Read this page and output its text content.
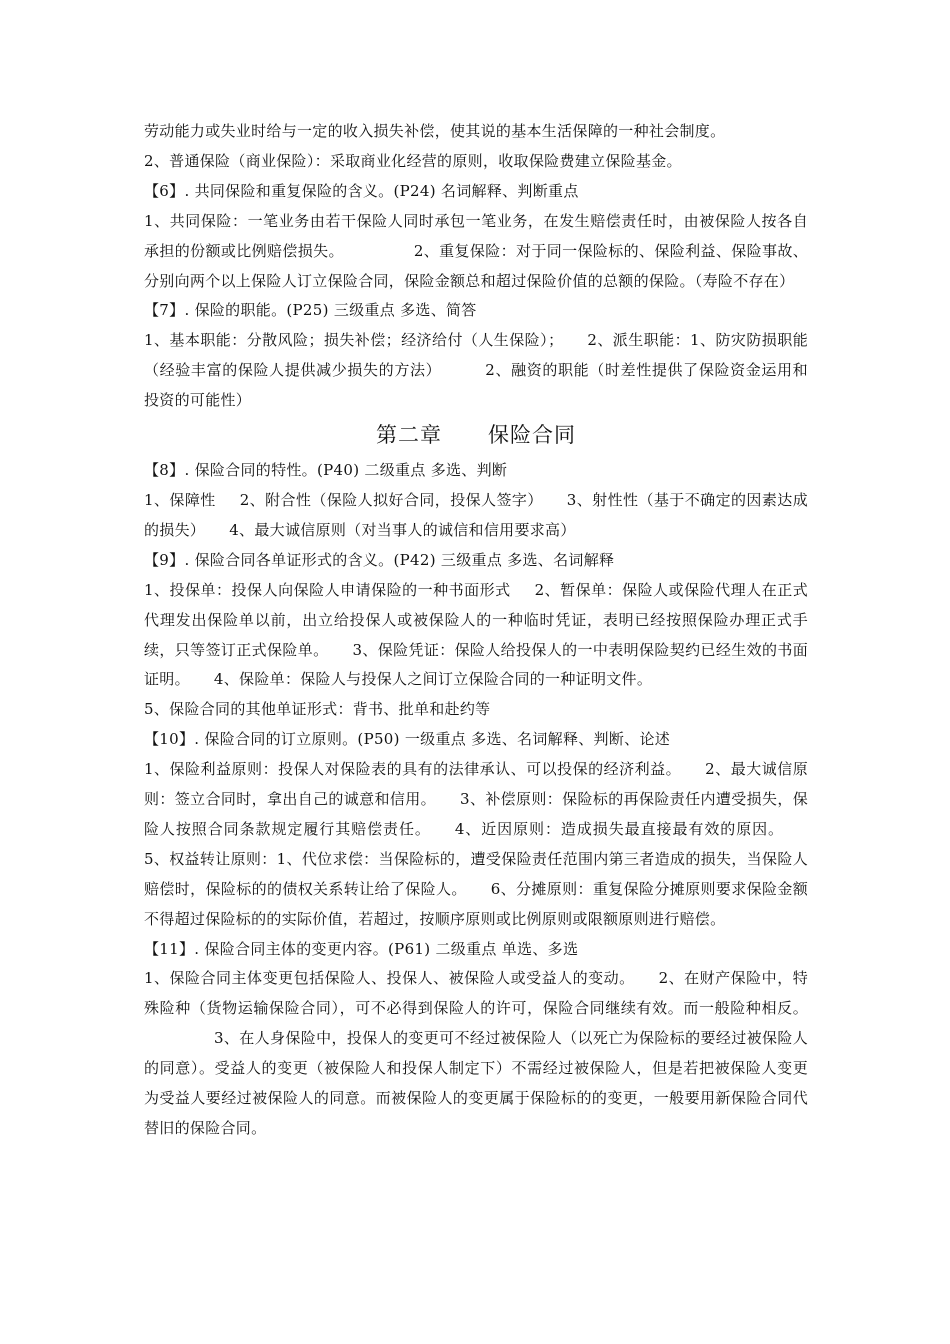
劳动能力或失业时给与一定的收入损失补偿，使其说的基本生活保障的一种社会制度。

2、普通保险（商业保险）：采取商业化经营的原则，收取保险费建立保险基金。

【6】. 共同保险和重复保险的含义。(P24) 名词解释、判断重点

1、共同保险：一笔业务由若干保险人同时承包一笔业务，在发生赔偿责任时，由被保险人按各自承担的份额或比例赔偿损失。	2、重复保险：对于同一保险标的、保险利益、保险事故、分别向两个以上保险人订立保险合同，保险金额总和超过保险价值的总额的保险。（寿险不存在）

【7】. 保险的职能。(P25) 三级重点 多选、简答

1、基本职能：分散风险；损失补偿；经济给付（人生保险）； 2、派生职能：1、防灾防损职能（经验丰富的保险人提供减少损失的方法）	2、融资的职能（时差性提供了保险资金运用和投资的可能性）

第二章 保险合同

【8】. 保险合同的特性。(P40) 二级重点 多选、判断

1、保障性 2、附合性（保险人拟好合同，投保人签字） 3、射性性（基于不确定的因素达成的损失） 4、最大诚信原则（对当事人的诚信和信用要求高）

【9】. 保险合同各单证形式的含义。(P42) 三级重点 多选、名词解释

1、投保单：投保人向保险人申请保险的一种书面形式 2、暂保单：保险人或保险代理人在正式代理发出保险单以前，出立给投保人或被保险人的一种临时凭证，表明已经按照保险办理正式手续，只等签订正式保险单。 3、保险凭证：保险人给投保人的一中表明保险契约已经生效的书面证明。 4、保险单：保险人与投保人之间订立保险合同的一种证明文件。

5、保险合同的其他单证形式：背书、批单和赴约等

【10】. 保险合同的订立原则。(P50) 一级重点 多选、名词解释、判断、论述

1、保险利益原则：投保人对保险表的具有的法律承认、可以投保的经济利益。 2、最大诚信原则：签立合同时，拿出自己的诚意和信用。 3、补偿原则：保险标的再保险责任内遭受损失，保险人按照合同条款规定履行其赔偿责任。 4、近因原则：造成损失最直接最有效的原因。5、权益转让原则：1、代位求偿：当保险标的，遭受保险责任范围内第三者造成的损失，当保险人赔偿时，保险标的的债权关系转让给了保险人。 6、分摊原则：重复保险分摊原则要求保险金额不得超过保险标的的实际价值，若超过，按顺序原则或比例原则或限额原则进行赔偿。

【11】. 保险合同主体的变更内容。(P61) 二级重点 单选、多选

1、保险合同主体变更包括保险人、投保人、被保险人或受益人的变动。 2、在财产保险中，特殊险种（货物运输保险合同），可不必得到保险人的许可，保险合同继续有效。而一般险种相反。3、在人身保险中，投保人的变更可不经过被保险人（以死亡为保险标的要经过被保险人的同意）。受益人的变更（被保险人和投保人制定下）不需经过被保险人，但是若把被保险人变更为受益人要经过被保险人的同意。而被保险人的变更属于保险标的的变更，一般要用新保险合同代替旧的保险合同。
